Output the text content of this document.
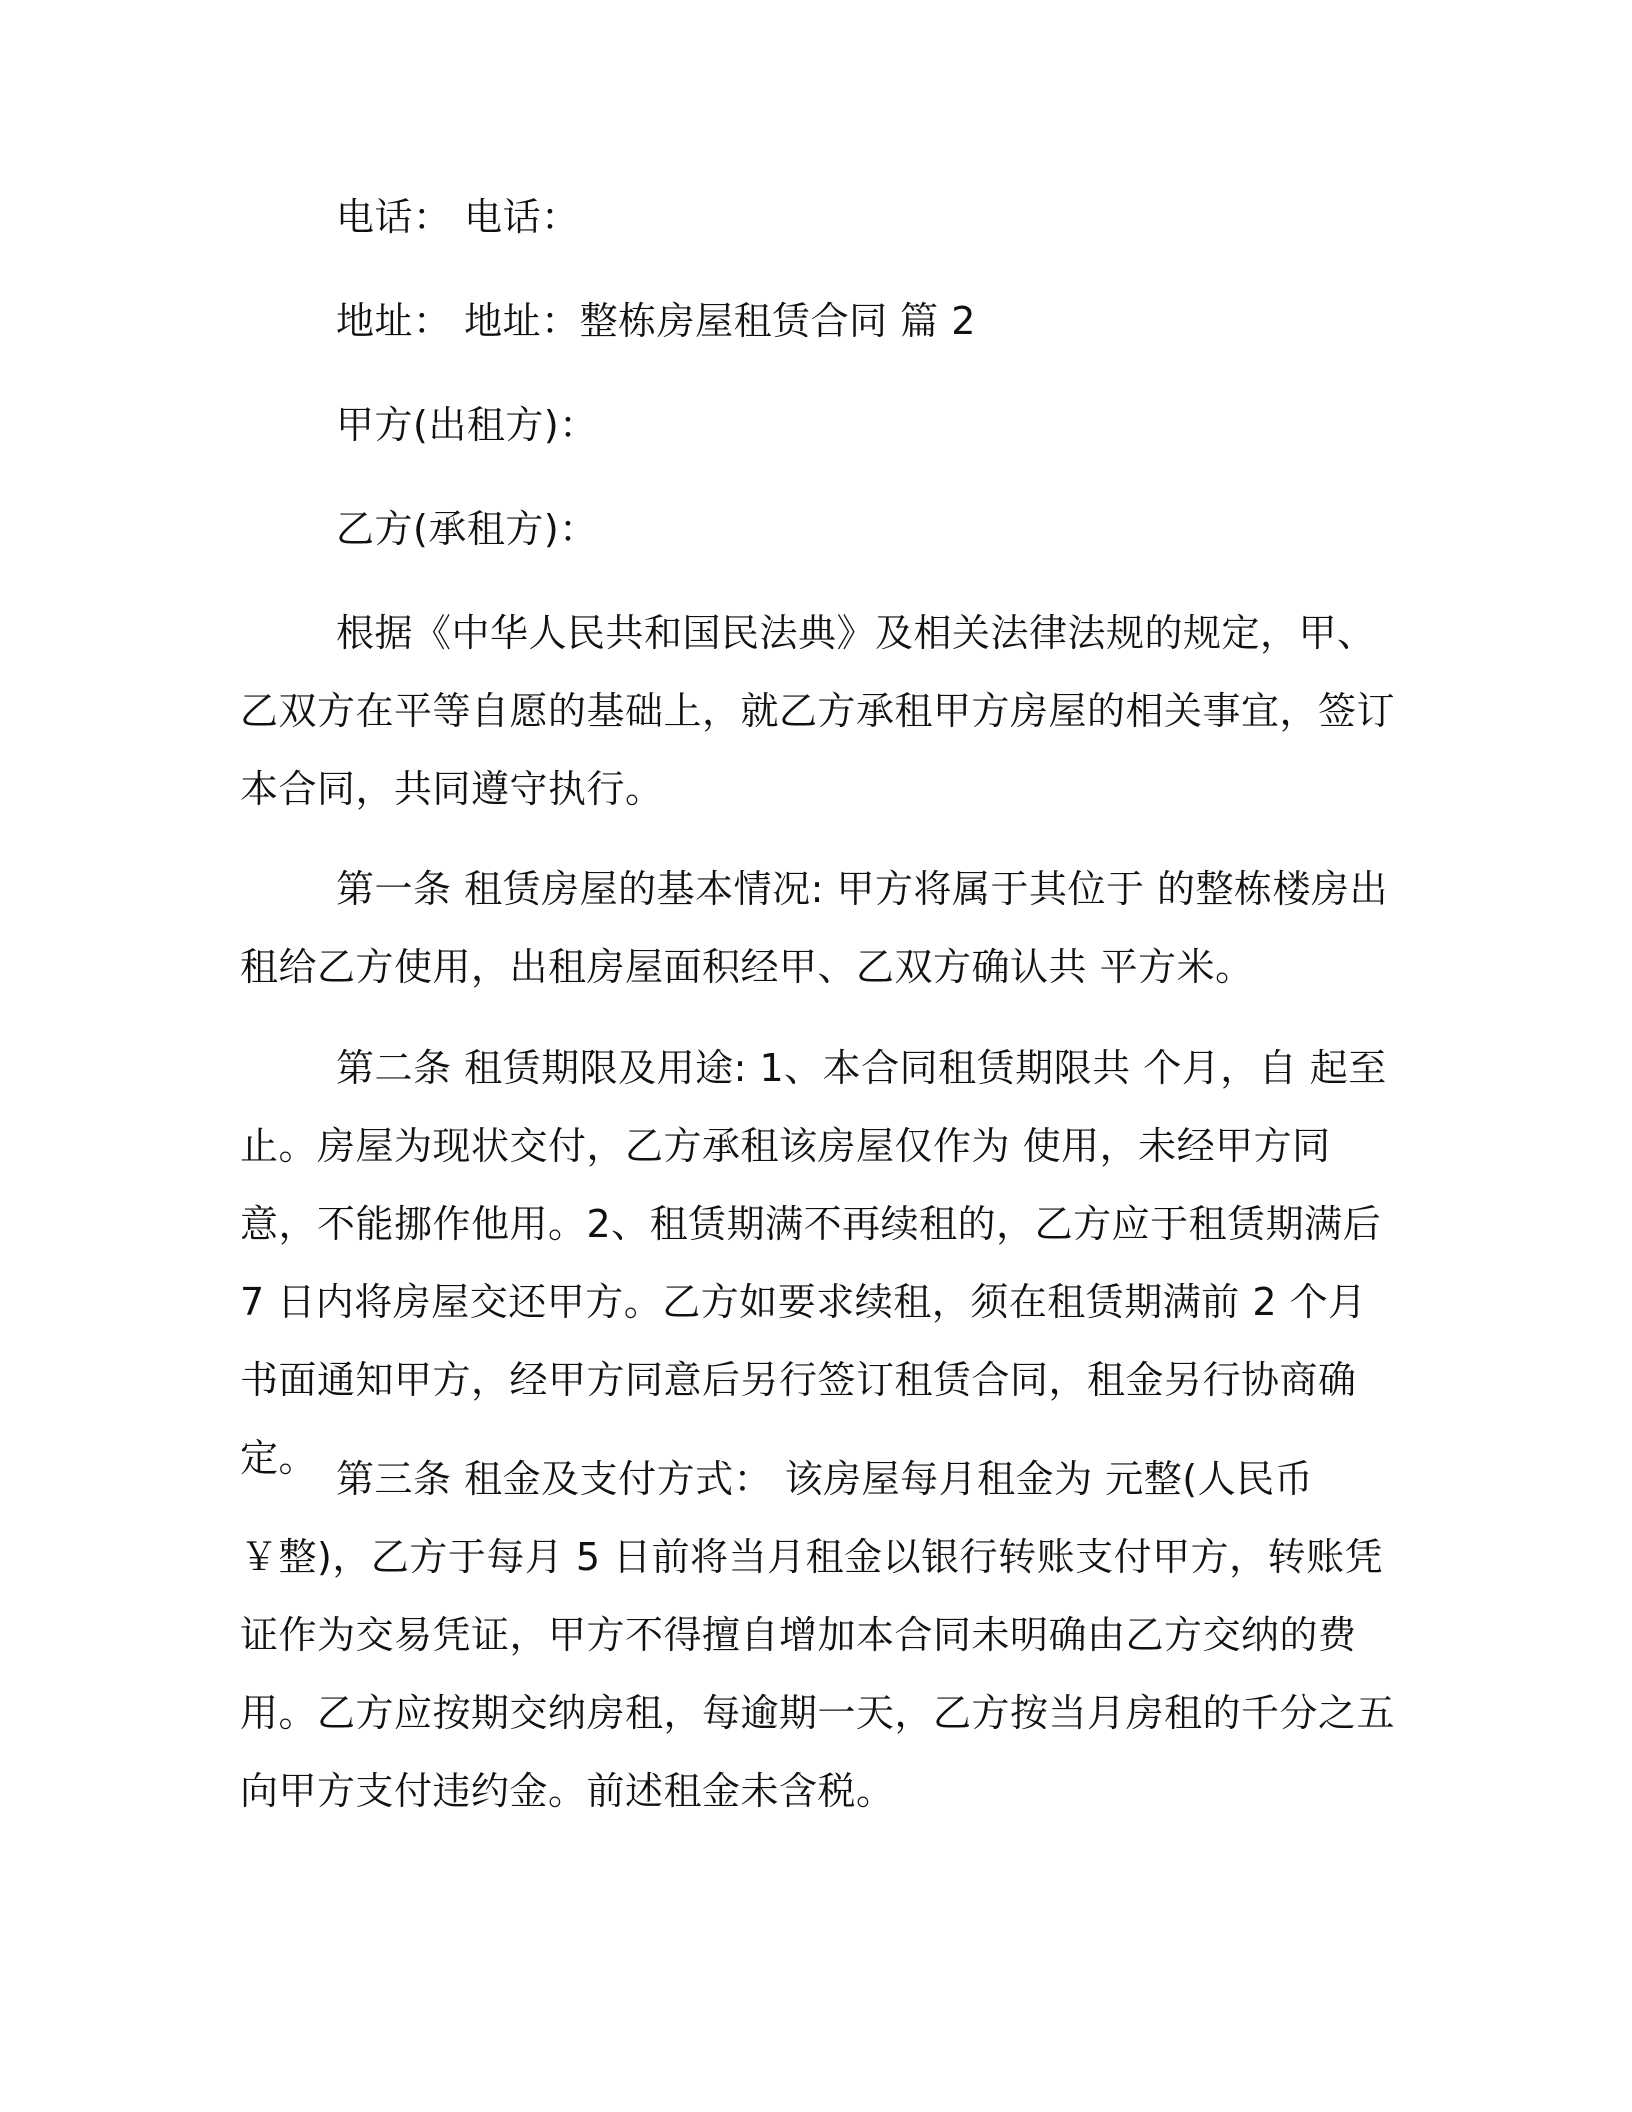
电话： 电话：
地址： 地址：整栋房屋租赁合同 篇 2
甲方(出租方)：
乙方(承租方)：

根据《中华人民共和国民法典》及相关法律法规的规定，甲、乙双方在平等自愿的基础上，就乙方承租甲方房屋的相关事宜，签订本合同，共同遵守执行。

第一条 租赁房屋的基本情况: 甲方将属于其位于 的整栋楼房出租给乙方使用，出租房屋面积经甲、乙双方确认共 平方米。

第二条 租赁期限及用途: 1、本合同租赁期限共 个月，自 起至 止。房屋为现状交付，乙方承租该房屋仅作为 使用，未经甲方同意，不能挪作他用。2、租赁期满不再续租的，乙方应于租赁期满后 7 日内将房屋交还甲方。乙方如要求续租，须在租赁期满前 2 个月书面通知甲方，经甲方同意后另行签订租赁合同，租金另行协商确定。 第三条 租金及支付方式： 该房屋每月租金为 元整(人民币￥整)，乙方于每月 5 日前将当月租金以银行转账支付甲方，转账凭证作为交易凭证，甲方不得擅自增加本合同未明确由乙方交纳的费用。乙方应按期交纳房租，每逾期一天，乙方按当月房租的千分之五向甲方支付违约金。前述租金未含税。
